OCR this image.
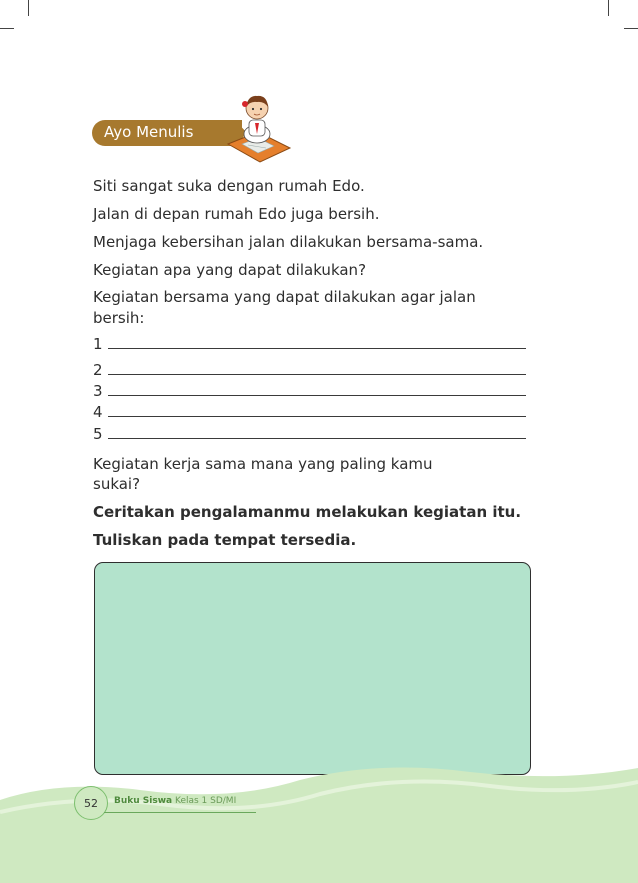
Ayo Menulis
Siti sangat suka dengan rumah Edo.
Jalan di depan rumah Edo juga bersih.
Menjaga kebersihan jalan dilakukan bersama-sama.
Kegiatan apa yang dapat dilakukan?
Kegiatan bersama yang dapat dilakukan agar jalan
bersih:
1
2
3
4
5
Kegiatan kerja sama mana yang paling kamu
sukai?
Ceritakan pengalamanmu melakukan kegiatan itu.
Tuliskan pada tempat tersedia.
52 Buku Siswa Kelas 1 SD/MI
